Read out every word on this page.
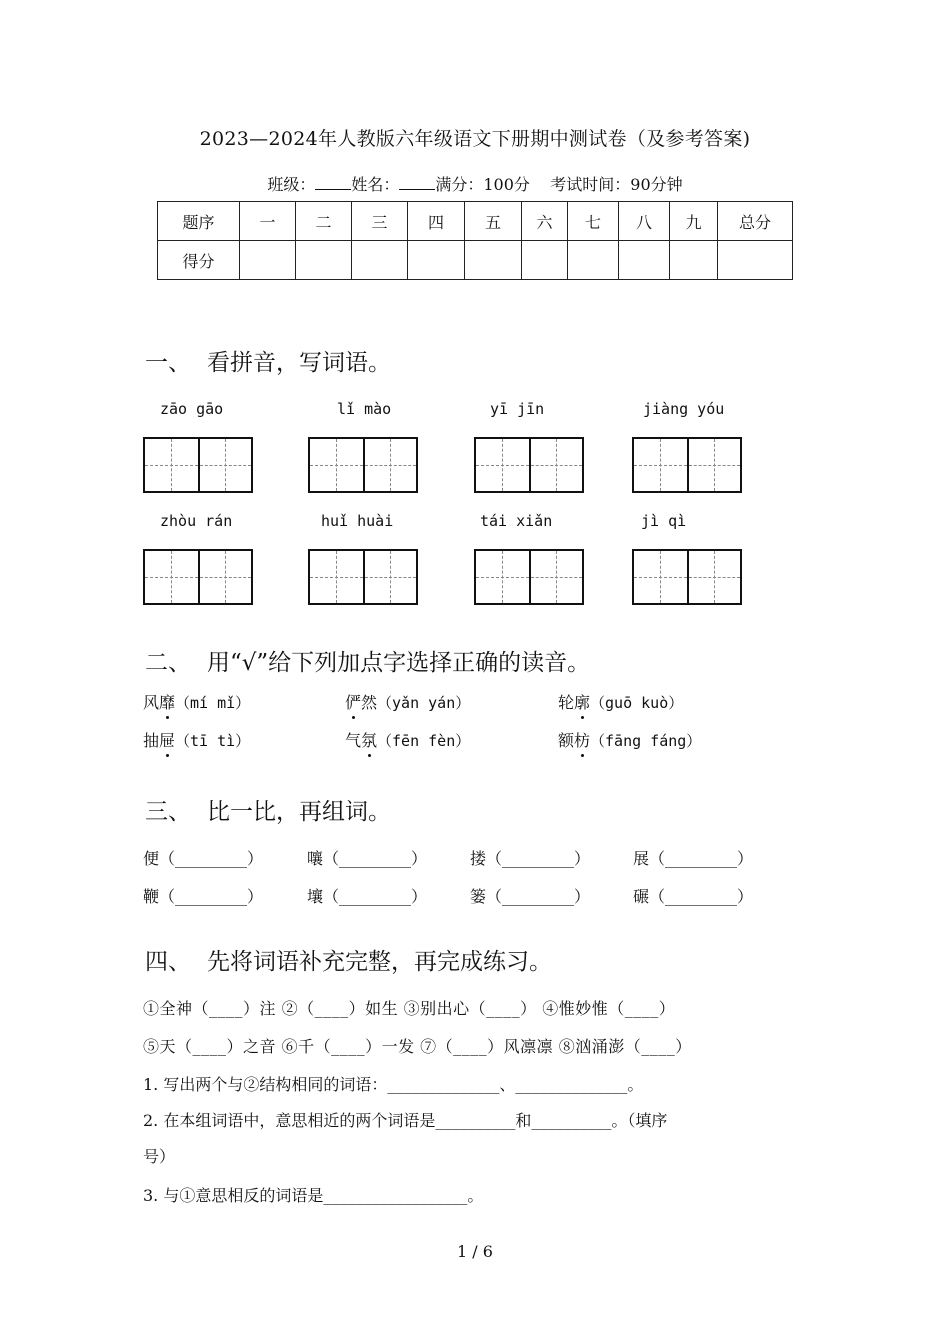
2023—2024年人教版六年级语文下册期中测试卷（及参考答案)
班级： 姓名： 满分：100分 考试时间：90分钟
题序	一	二	三	四	五	六	七	八	九	总分
得分										
一、 看拼音，写词语。
zāo gāo	lǐ mào	yī jīn	jiàng yóu
zhòu rán	huǐ huài	tái xiǎn	jì qì
二、 用“√”给下列加点字选择正确的读音。
风靡（mí mǐ）	俨然（yǎn yán）	轮廓（guō kuò）
抽屉（tī tì）	气氛（fēn fèn）	额枋（fāng fáng）
三、 比一比，再组词。
便（_________）	嚷（_________）	搂（_________）	展（_________）
鞭（_________）	壤（_________）	篓（_________）	碾（_________）
四、 先将词语补充完整，再完成练习。
①全神（____）注 ②（____）如生 ③别出心（____） ④惟妙惟（____）
⑤天（____）之音 ⑥千（____）一发 ⑦（____）风凛凛 ⑧汹涌澎（____）
1. 写出两个与②结构相同的词语：______________、______________。
2. 在本组词语中，意思相近的两个词语是__________和__________。（填序
号）
3. 与①意思相反的词语是__________________。
1 / 6
